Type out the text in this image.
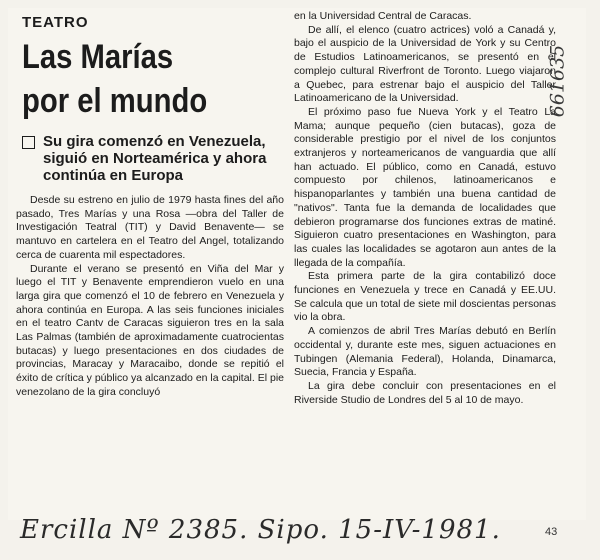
TEATRO
Las Marías
por el mundo
Su gira comenzó en Venezuela, siguió en Norteamérica y ahora continúa en Europa

Desde su estreno en julio de 1979 hasta fines del año pasado, Tres Marías y una Rosa —obra del Taller de Investigación Teatral (TIT) y David Benavente— se mantuvo en cartelera en el Teatro del Angel, totalizando cerca de cuarenta mil espectadores.

Durante el verano se presentó en Viña del Mar y luego el TIT y Benavente emprendieron vuelo en una larga gira que comenzó el 10 de febrero en Venezuela y ahora continúa en Europa. A las seis funciones iniciales en el teatro Cantv de Caracas siguieron tres en la sala Las Palmas (también de aproximadamente cuatrocientas butacas) y luego presentaciones en dos ciudades de provincias, Maracay y Maracaibo, donde se repitió el éxito de crítica y público ya alcanzado en la capital. El pie venezolano de la gira concluyó

en la Universidad Central de Caracas.

De allí, el elenco (cuatro actrices) voló a Canadá y, bajo el auspicio de la Universidad de York y su Centro de Estudios Latinoamericanos, se presentó en el complejo cultural Riverfront de Toronto. Luego viajaron a Quebec, para estrenar bajo el auspicio del Taller Latinoamericano de la Universidad.

El próximo paso fue Nueva York y el Teatro La Mama; aunque pequeño (cien butacas), goza de considerable prestigio por el nivel de los conjuntos extranjeros y norteamericanos de vanguardia que allí han actuado. El público, como en Canadá, estuvo compuesto por chilenos, latinoamericanos e hispanoparlantes y también una buena cantidad de "nativos". Tanta fue la demanda de localidades que debieron programarse dos funciones extras de matiné. Siguieron cuatro presentaciones en Washington, para las cuales las localidades se agotaron aun antes de la llegada de la compañía.

Esta primera parte de la gira contabilizó doce funciones en Venezuela y trece en Canadá y EE.UU. Se calcula que un total de siete mil doscientas personas vio la obra.

A comienzos de abril Tres Marías debutó en Berlín occidental y, durante este mes, siguen actuaciones en Tubingen (Alemania Federal), Holanda, Dinamarca, Suecia, Francia y España.

La gira debe concluir con presentaciones en el Riverside Studio de Londres del 5 al 10 de mayo.

661635
Ercilla Nº 2385. Sipo. 15-IV-1981.	43
